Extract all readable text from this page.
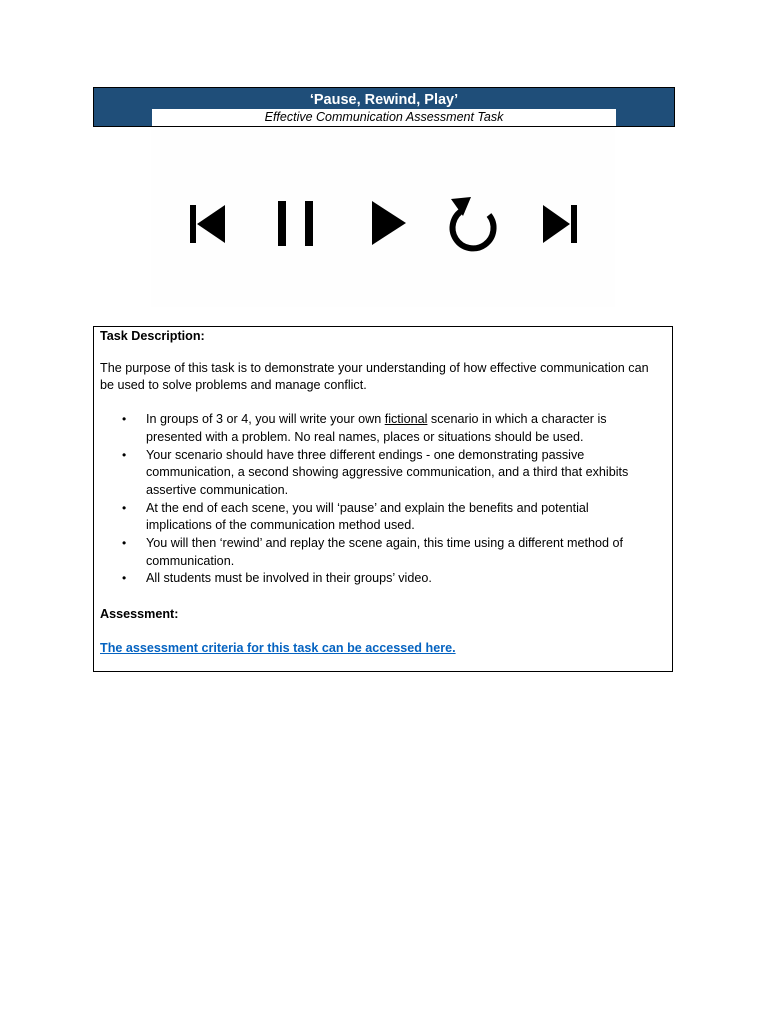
‘Pause, Rewind, Play’
Effective Communication Assessment Task

Task Description:

The purpose of this task is to demonstrate your understanding of how effective communication can be used to solve problems and manage conflict.

• In groups of 3 or 4, you will write your own fictional scenario in which a character is presented with a problem. No real names, places or situations should be used.
• Your scenario should have three different endings - one demonstrating passive communication, a second showing aggressive communication, and a third that exhibits assertive communication.
• At the end of each scene, you will ‘pause’ and explain the benefits and potential implications of the communication method used.
• You will then ‘rewind’ and replay the scene again, this time using a different method of communication.
• All students must be involved in their groups’ video.

Assessment:

The assessment criteria for this task can be accessed here.
